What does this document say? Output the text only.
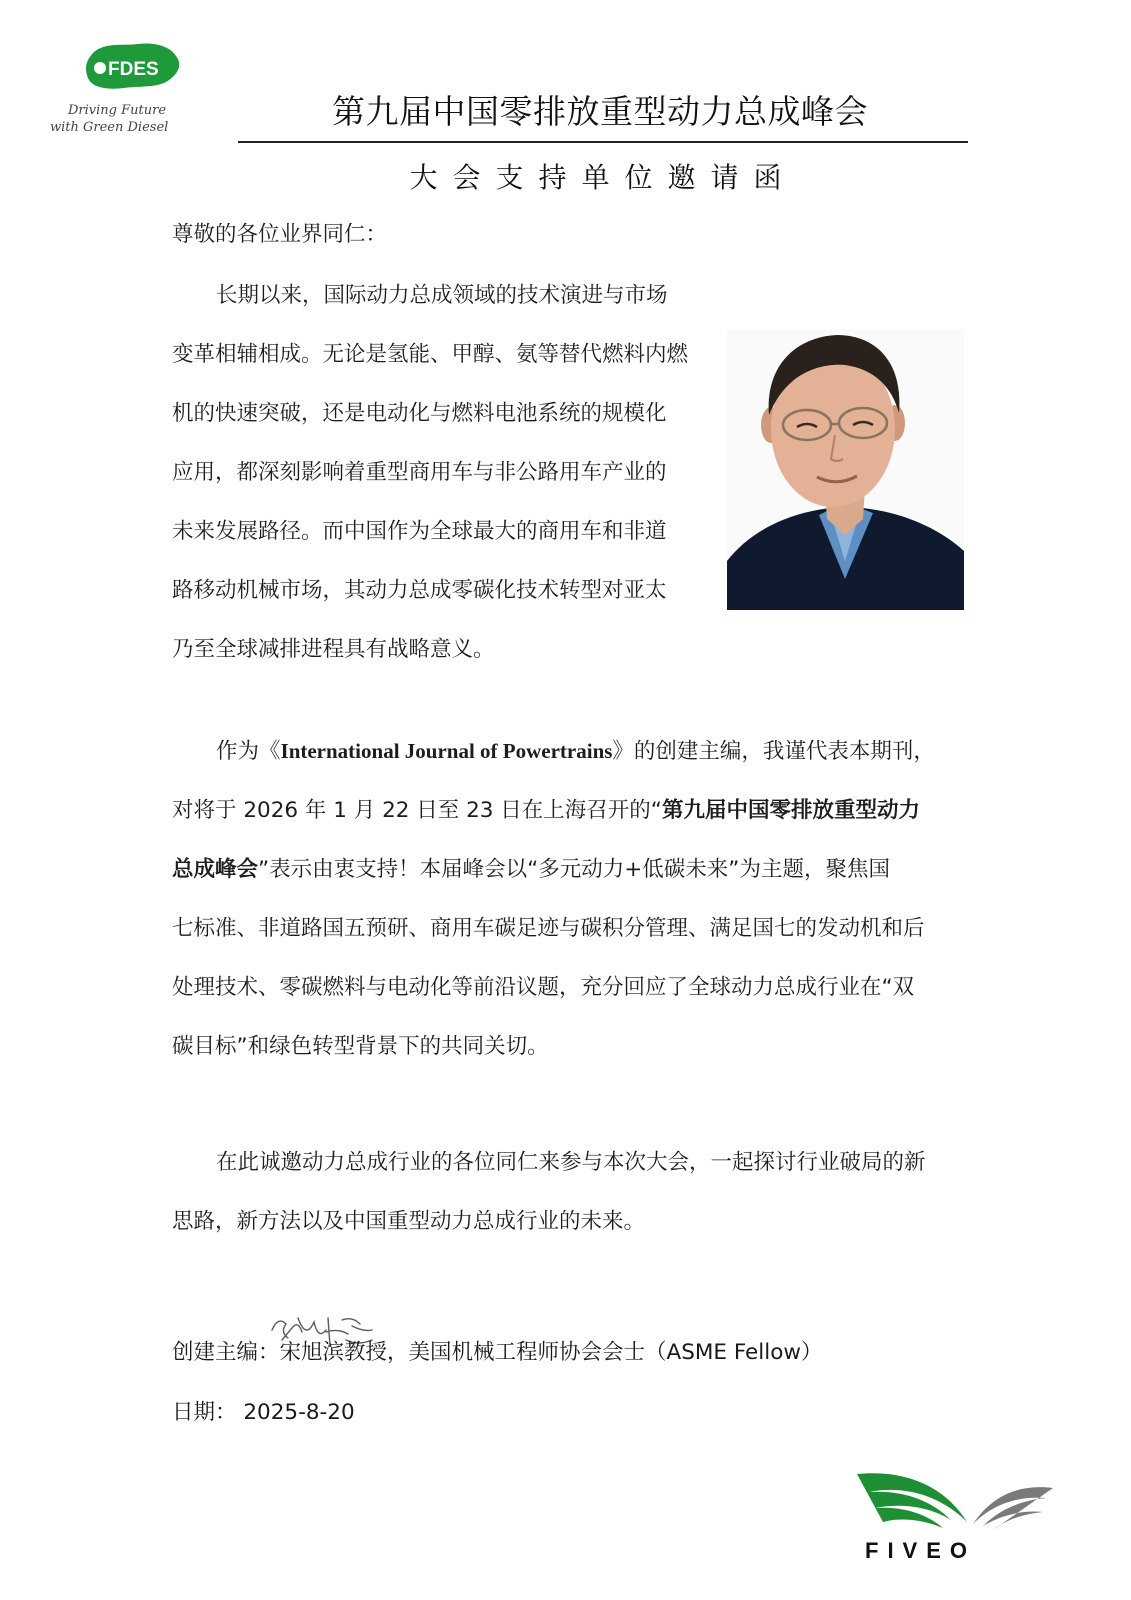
FDES
Driving Future
with Green Diesel	第九届中国零排放重型动力总成峰会
大会支持单位邀请函

尊敬的各位业界同仁：

长期以来，国际动力总成领域的技术演进与市场
变革相辅相成。无论是氢能、甲醇、氨等替代燃料内燃
机的快速突破，还是电动化与燃料电池系统的规模化
应用，都深刻影响着重型商用车与非公路用车产业的
未来发展路径。而中国作为全球最大的商用车和非道
路移动机械市场，其动力总成零碳化技术转型对亚太
乃至全球减排进程具有战略意义。
作为《International Journal of Powertrains》的创建主编，我谨代表本期刊，
对将于 2026 年 1 月 22 日至 23 日在上海召开的“第九届中国零排放重型动力
总成峰会”表示由衷支持！本届峰会以“多元动力+低碳未来”为主题，聚焦国
七标准、非道路国五预研、商用车碳足迹与碳积分管理、满足国七的发动机和后
处理技术、零碳燃料与电动化等前沿议题，充分回应了全球动力总成行业在“双
碳目标”和绿色转型背景下的共同关切。
在此诚邀动力总成行业的各位同仁来参与本次大会，一起探讨行业破局的新
思路，新方法以及中国重型动力总成行业的未来。
创建主编：宋旭滨教授，美国机械工程师协会会士（ASME Fellow）
日期： 2025-8-20
FIVEO
